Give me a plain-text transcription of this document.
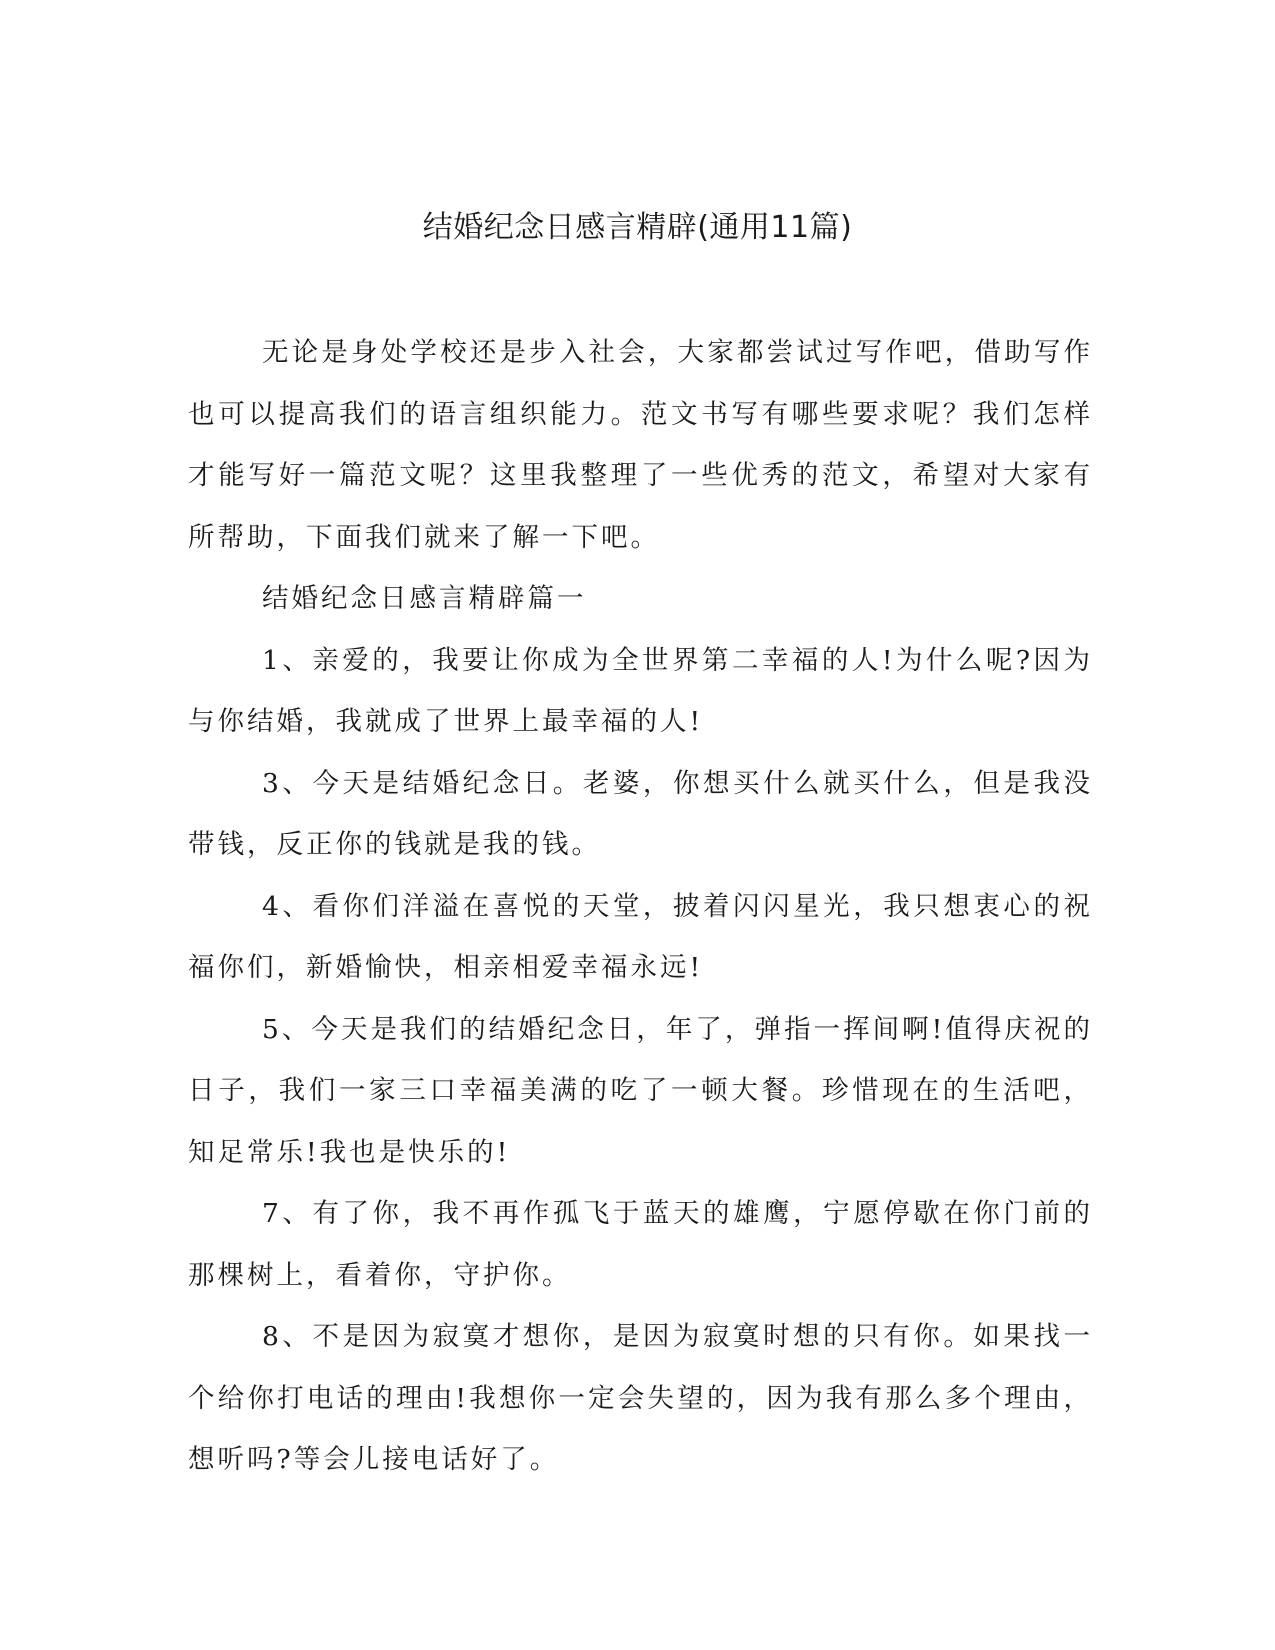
结婚纪念日感言精辟(通用11篇)

无论是身处学校还是步入社会，大家都尝试过写作吧，借助写作也可以提高我们的语言组织能力。范文书写有哪些要求呢？我们怎样才能写好一篇范文呢？这里我整理了一些优秀的范文，希望对大家有所帮助，下面我们就来了解一下吧。

结婚纪念日感言精辟篇一

1、亲爱的，我要让你成为全世界第二幸福的人!为什么呢?因为与你结婚，我就成了世界上最幸福的人!

3、今天是结婚纪念日。老婆，你想买什么就买什么，但是我没带钱，反正你的钱就是我的钱。

4、看你们洋溢在喜悦的天堂，披着闪闪星光，我只想衷心的祝福你们，新婚愉快，相亲相爱幸福永远!

5、今天是我们的结婚纪念日，年了，弹指一挥间啊!值得庆祝的日子，我们一家三口幸福美满的吃了一顿大餐。珍惜现在的生活吧，知足常乐!我也是快乐的!

7、有了你，我不再作孤飞于蓝天的雄鹰，宁愿停歇在你门前的那棵树上，看着你，守护你。

8、不是因为寂寞才想你，是因为寂寞时想的只有你。如果找一个给你打电话的理由!我想你一定会失望的，因为我有那么多个理由，想听吗?等会儿接电话好了。
